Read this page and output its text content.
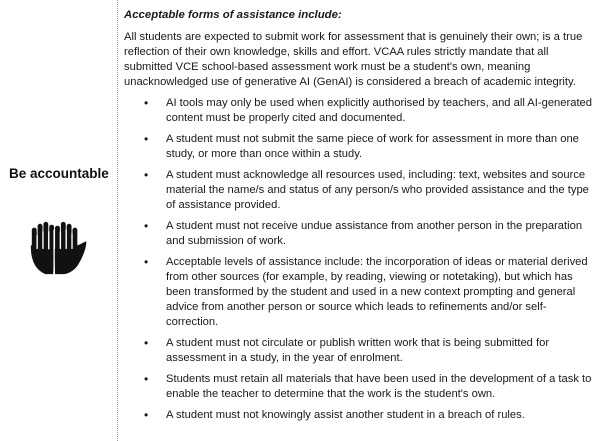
Be accountable
Acceptable forms of assistance include:

All students are expected to submit work for assessment that is genuinely their own; is a true reflection of their own knowledge, skills and effort. VCAA rules strictly mandate that all submitted VCE school-based assessment work must be a student's own, meaning unacknowledged use of generative AI (GenAI) is considered a breach of academic integrity.

• AI tools may only be used when explicitly authorised by teachers, and all AI-generated content must be properly cited and documented.
• A student must not submit the same piece of work for assessment in more than one study, or more than once within a study.
• A student must acknowledge all resources used, including: text, websites and source material the name/s and status of any person/s who provided assistance and the type of assistance provided.
• A student must not receive undue assistance from another person in the preparation and submission of work.
• Acceptable levels of assistance include: the incorporation of ideas or material derived from other sources (for example, by reading, viewing or notetaking), but which has been transformed by the student and used in a new context prompting and general advice from another person or source which leads to refinements and/or self-correction.
• A student must not circulate or publish written work that is being submitted for assessment in a study, in the year of enrolment.
• Students must retain all materials that have been used in the development of a task to enable the teacher to determine that the work is the student's own.
• A student must not knowingly assist another student in a breach of rules.
